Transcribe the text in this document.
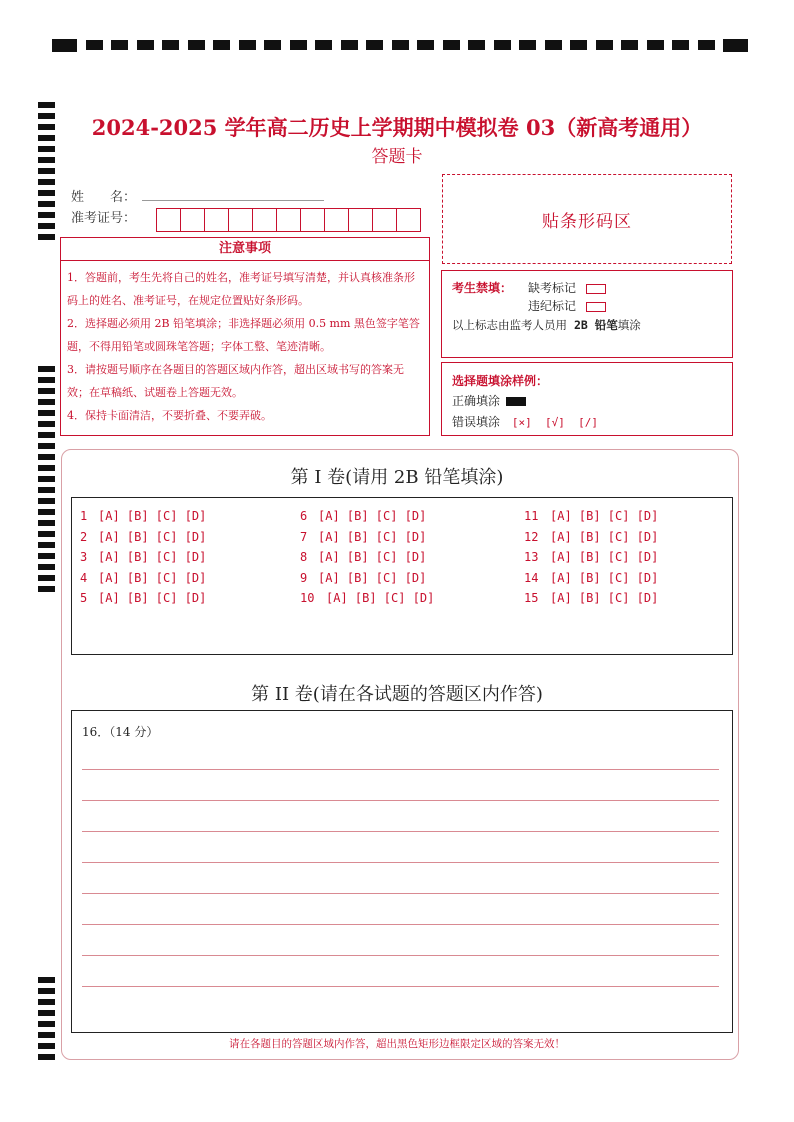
2024-2025 学年高二历史上学期期中模拟卷 03（新高考通用）
答题卡
姓　　名：
准考证号：	贴条形码区
注意事项
1．答题前，考生先将自己的姓名，准考证号填写清楚，并认真核准条形码上的姓名、准考证号，在规定位置贴好条形码。
2．选择题必须用 2B 铅笔填涂；非选择题必须用 0.5 mm 黑色签字笔答题，不得用铅笔或圆珠笔答题；字体工整、笔迹清晰。
3．请按题号顺序在各题目的答题区域内作答，超出区域书写的答案无效；在草稿纸、试题卷上答题无效。
4．保持卡面清洁，不要折叠、不要弄破。
考生禁填： 缺考标记
违纪标记
以上标志由监考人员用 2B 铅笔填涂
选择题填涂样例：
正确填涂
错误填涂 [×]  [√]  [/]
第 I 卷(请用 2B 铅笔填涂)
1 [A] [B] [C] [D]
2 [A] [B] [C] [D]
3 [A] [B] [C] [D]
4 [A] [B] [C] [D]
5 [A] [B] [C] [D]
6 [A] [B] [C] [D]
7 [A] [B] [C] [D]
8 [A] [B] [C] [D]
9 [A] [B] [C] [D]
10 [A] [B] [C] [D]
11 [A] [B] [C] [D]
12 [A] [B] [C] [D]
13 [A] [B] [C] [D]
14 [A] [B] [C] [D]
15 [A] [B] [C] [D]
第 II 卷(请在各试题的答题区内作答)
16．（14 分）
请在各题目的答题区域内作答，超出黑色矩形边框限定区域的答案无效！
